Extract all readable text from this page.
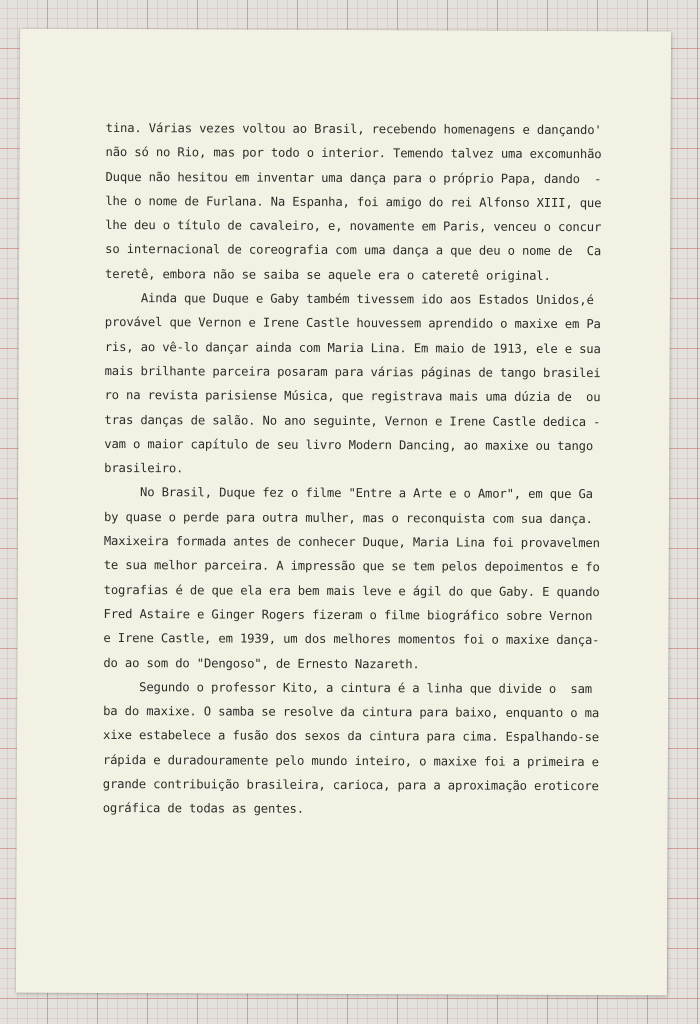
tina. Várias vezes voltou ao Brasil, recebendo homenagens e dançando'
não só no Rio, mas por todo o interior. Temendo talvez uma excomunhão
Duque não hesitou em inventar uma dança para o próprio Papa, dando  -
lhe o nome de Furlana. Na Espanha, foi amigo do rei Alfonso XIII, que
lhe deu o título de cavaleiro, e, novamente em Paris, venceu o concur
so internacional de coreografia com uma dança a que deu o nome de  Ca
teretê, embora não se saiba se aquele era o cateretê original.
Ainda que Duque e Gaby também tivessem ido aos Estados Unidos,é
provável que Vernon e Irene Castle houvessem aprendido o maxixe em Pa
ris, ao vê-lo dançar ainda com Maria Lina. Em maio de 1913, ele e sua
mais brilhante parceira posaram para várias páginas de tango brasilei
ro na revista parisiense Música, que registrava mais uma dúzia de  ou
tras danças de salão. No ano seguinte, Vernon e Irene Castle dedica -
vam o maior capítulo de seu livro Modern Dancing, ao maxixe ou tango
brasileiro.
No Brasil, Duque fez o filme "Entre a Arte e o Amor", em que Ga
by quase o perde para outra mulher, mas o reconquista com sua dança.
Maxixeira formada antes de conhecer Duque, Maria Lina foi provavelmen
te sua melhor parceira. A impressão que se tem pelos depoimentos e fo
tografias é de que ela era bem mais leve e ágil do que Gaby. E quando
Fred Astaire e Ginger Rogers fizeram o filme biográfico sobre Vernon
e Irene Castle, em 1939, um dos melhores momentos foi o maxixe dança-
do ao som do "Dengoso", de Ernesto Nazareth.
Segundo o professor Kito, a cintura é a linha que divide o  sam
ba do maxixe. O samba se resolve da cintura para baixo, enquanto o ma
xixe estabelece a fusão dos sexos da cintura para cima. Espalhando-se
rápida e duradouramente pelo mundo inteiro, o maxixe foi a primeira e
grande contribuição brasileira, carioca, para a aproximação eroticore
ográfica de todas as gentes.
